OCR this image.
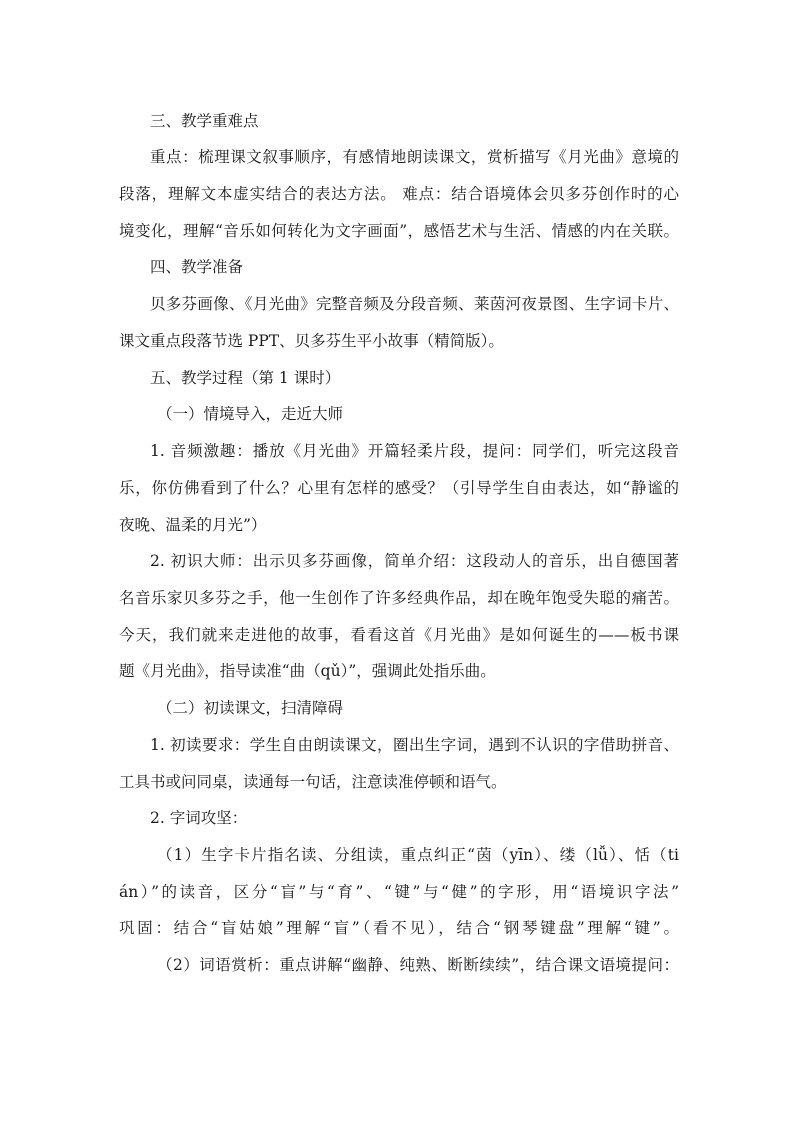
三、教学重难点
重点：梳理课文叙事顺序，有感情地朗读课文，赏析描写《月光曲》意境的
段落，理解文本虚实结合的表达方法。 难点：结合语境体会贝多芬创作时的心
境变化，理解“音乐如何转化为文字画面”，感悟艺术与生活、情感的内在关联。
四、教学准备
贝多芬画像、《月光曲》完整音频及分段音频、莱茵河夜景图、生字词卡片、
课文重点段落节选 PPT、贝多芬生平小故事（精简版）。
五、教学过程（第 1 课时）
（一）情境导入，走近大师
1. 音频激趣：播放《月光曲》开篇轻柔片段，提问：同学们，听完这段音
乐，你仿佛看到了什么？心里有怎样的感受？（引导学生自由表达，如“静谧的
夜晚、温柔的月光”）
2. 初识大师：出示贝多芬画像，简单介绍：这段动人的音乐，出自德国著
名音乐家贝多芬之手，他一生创作了许多经典作品，却在晚年饱受失聪的痛苦。
今天，我们就来走进他的故事，看看这首《月光曲》是如何诞生的——板书课
题《月光曲》，指导读准“曲（qǔ）”，强调此处指乐曲。
（二）初读课文，扫清障碍
1. 初读要求：学生自由朗读课文，圈出生字词，遇到不认识的字借助拼音、
工具书或问同桌，读通每一句话，注意读准停顿和语气。
2. 字词攻坚：
（1）生字卡片指名读、分组读，重点纠正“茵（yīn）、缕（lǚ）、恬（ti
án）”的读音，区分“盲”与“育”、“键”与“健”的字形，用“语境识字法”
巩固：结合“盲姑娘”理解“盲”（看不见），结合“钢琴键盘”理解“键”。
（2）词语赏析：重点讲解“幽静、纯熟、断断续续”，结合课文语境提问：
